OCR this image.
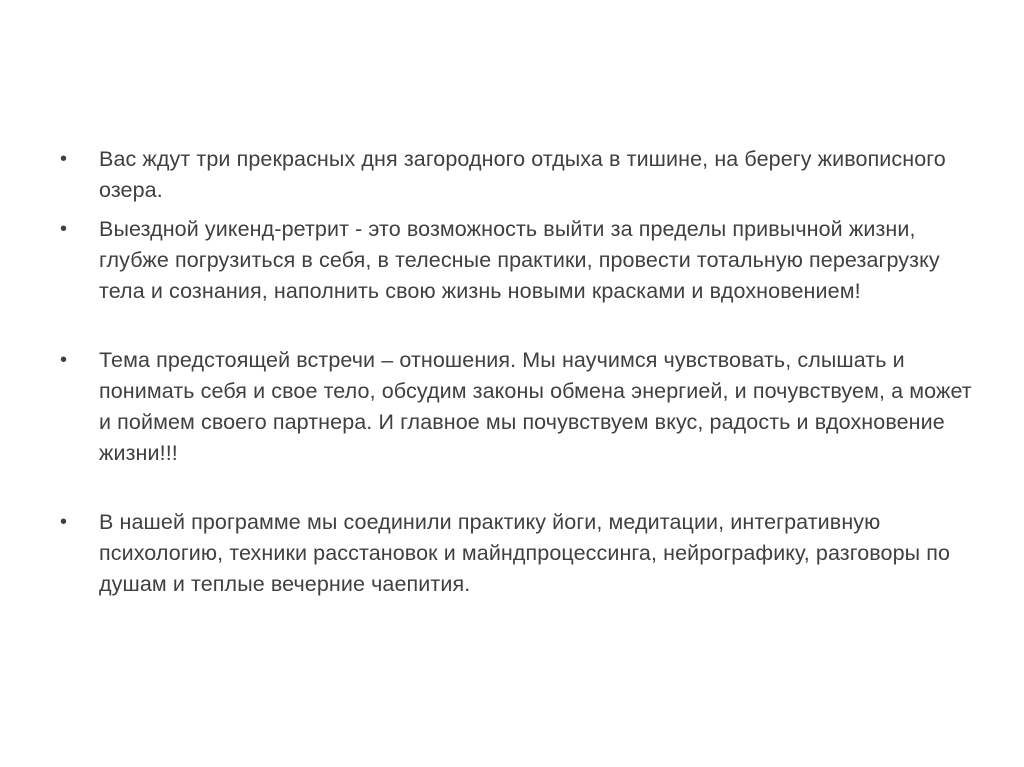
•	Вас ждут три прекрасных дня загородного отдыха в тишине, на берегу живописного озера.
•	Выездной уикенд-ретрит - это возможность выйти за пределы привычной жизни, глубже погрузиться в себя, в телесные практики, провести тотальную перезагрузку тела и сознания, наполнить свою жизнь новыми красками и вдохновением!
•	Тема предстоящей встречи – отношения. Мы научимся чувствовать, слышать и понимать себя и свое тело, обсудим законы обмена энергией, и почувствуем, а может и поймем своего партнера. И главное мы почувствуем вкус, радость и вдохновение жизни!!!
•	В нашей программе мы соединили практику йоги, медитации, интегративную психологию, техники расстановок и майндпроцессинга, нейрографику, разговоры по душам и теплые вечерние чаепития.
